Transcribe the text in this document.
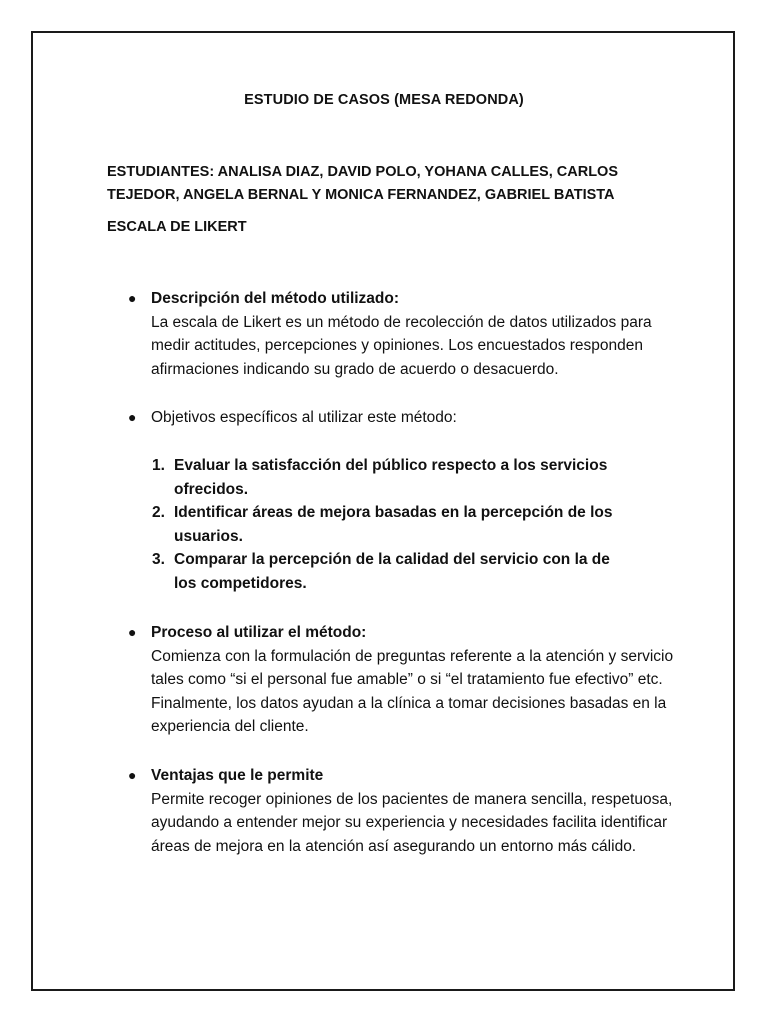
ESTUDIO DE CASOS (MESA REDONDA)

ESTUDIANTES: ANALISA DIAZ, DAVID POLO, YOHANA CALLES, CARLOS TEJEDOR, ANGELA BERNAL Y MONICA FERNANDEZ, GABRIEL BATISTA

ESCALA DE LIKERT

● Descripción del método utilizado:
La escala de Likert es un método de recolección de datos utilizados para medir actitudes, percepciones y opiniones. Los encuestados responden afirmaciones indicando su grado de acuerdo o desacuerdo.
● Objetivos específicos al utilizar este método:
1. Evaluar la satisfacción del público respecto a los servicios ofrecidos.
2. Identificar áreas de mejora basadas en la percepción de los usuarios.
3. Comparar la percepción de la calidad del servicio con la de los competidores.
● Proceso al utilizar el método:
Comienza con la formulación de preguntas referente a la atención y servicio tales como “si el personal fue amable” o si “el tratamiento fue efectivo” etc. Finalmente, los datos ayudan a la clínica a tomar decisiones basadas en la experiencia del cliente.
● Ventajas que le permite
Permite recoger opiniones de los pacientes de manera sencilla, respetuosa, ayudando a entender mejor su experiencia y necesidades facilita identificar áreas de mejora en la atención así asegurando un entorno más cálido.
